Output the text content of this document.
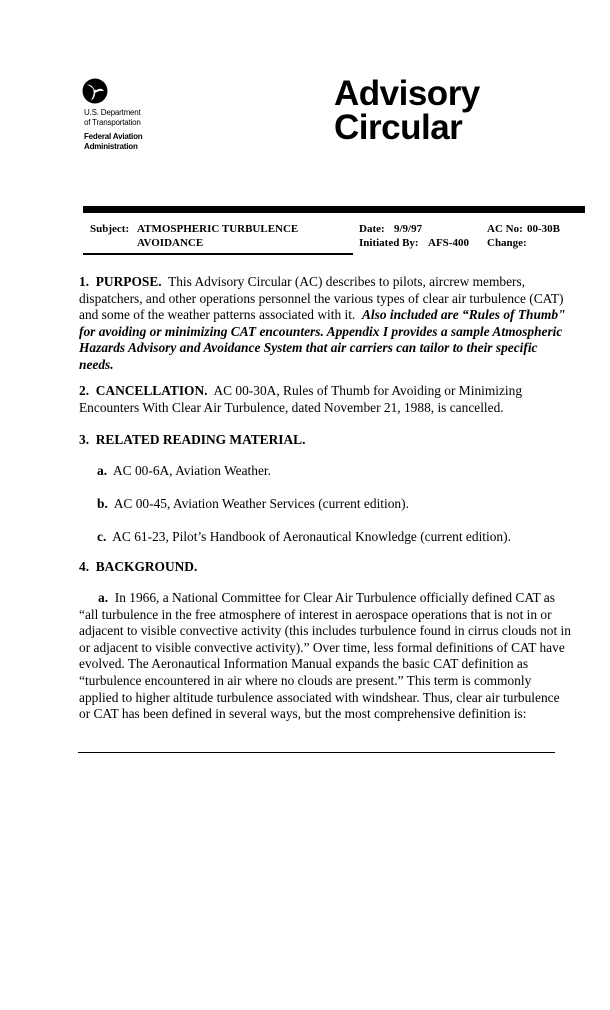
U.S. Department
of Transportation
Federal Aviation
Administration
Advisory
Circular
Subject: ATMOSPHERIC TURBULENCE
AVOIDANCE
Date: 9/9/97
Initiated By: AFS-400
AC No: 00-30B
Change:

1. PURPOSE. This Advisory Circular (AC) describes to pilots, aircrew members, dispatchers, and other operations personnel the various types of clear air turbulence (CAT) and some of the weather patterns associated with it. Also included are “Rules of Thumb" for avoiding or minimizing CAT encounters. Appendix I provides a sample Atmospheric Hazards Advisory and Avoidance System that air carriers can tailor to their specific needs.

2. CANCELLATION. AC 00-30A, Rules of Thumb for Avoiding or Minimizing Encounters With Clear Air Turbulence, dated November 21, 1988, is cancelled.

3. RELATED READING MATERIAL.

a. AC 00-6A, Aviation Weather.
b. AC 00-45, Aviation Weather Services (current edition).
c. AC 61-23, Pilot’s Handbook of Aeronautical Knowledge (current edition).

4. BACKGROUND.

a. In 1966, a National Committee for Clear Air Turbulence officially defined CAT as “all turbulence in the free atmosphere of interest in aerospace operations that is not in or adjacent to visible convective activity (this includes turbulence found in cirrus clouds not in or adjacent to visible convective activity).” Over time, less formal definitions of CAT have evolved. The Aeronautical Information Manual expands the basic CAT definition as “turbulence encountered in air where no clouds are present.” This term is commonly applied to higher altitude turbulence associated with windshear. Thus, clear air turbulence or CAT has been defined in several ways, but the most comprehensive definition is:
